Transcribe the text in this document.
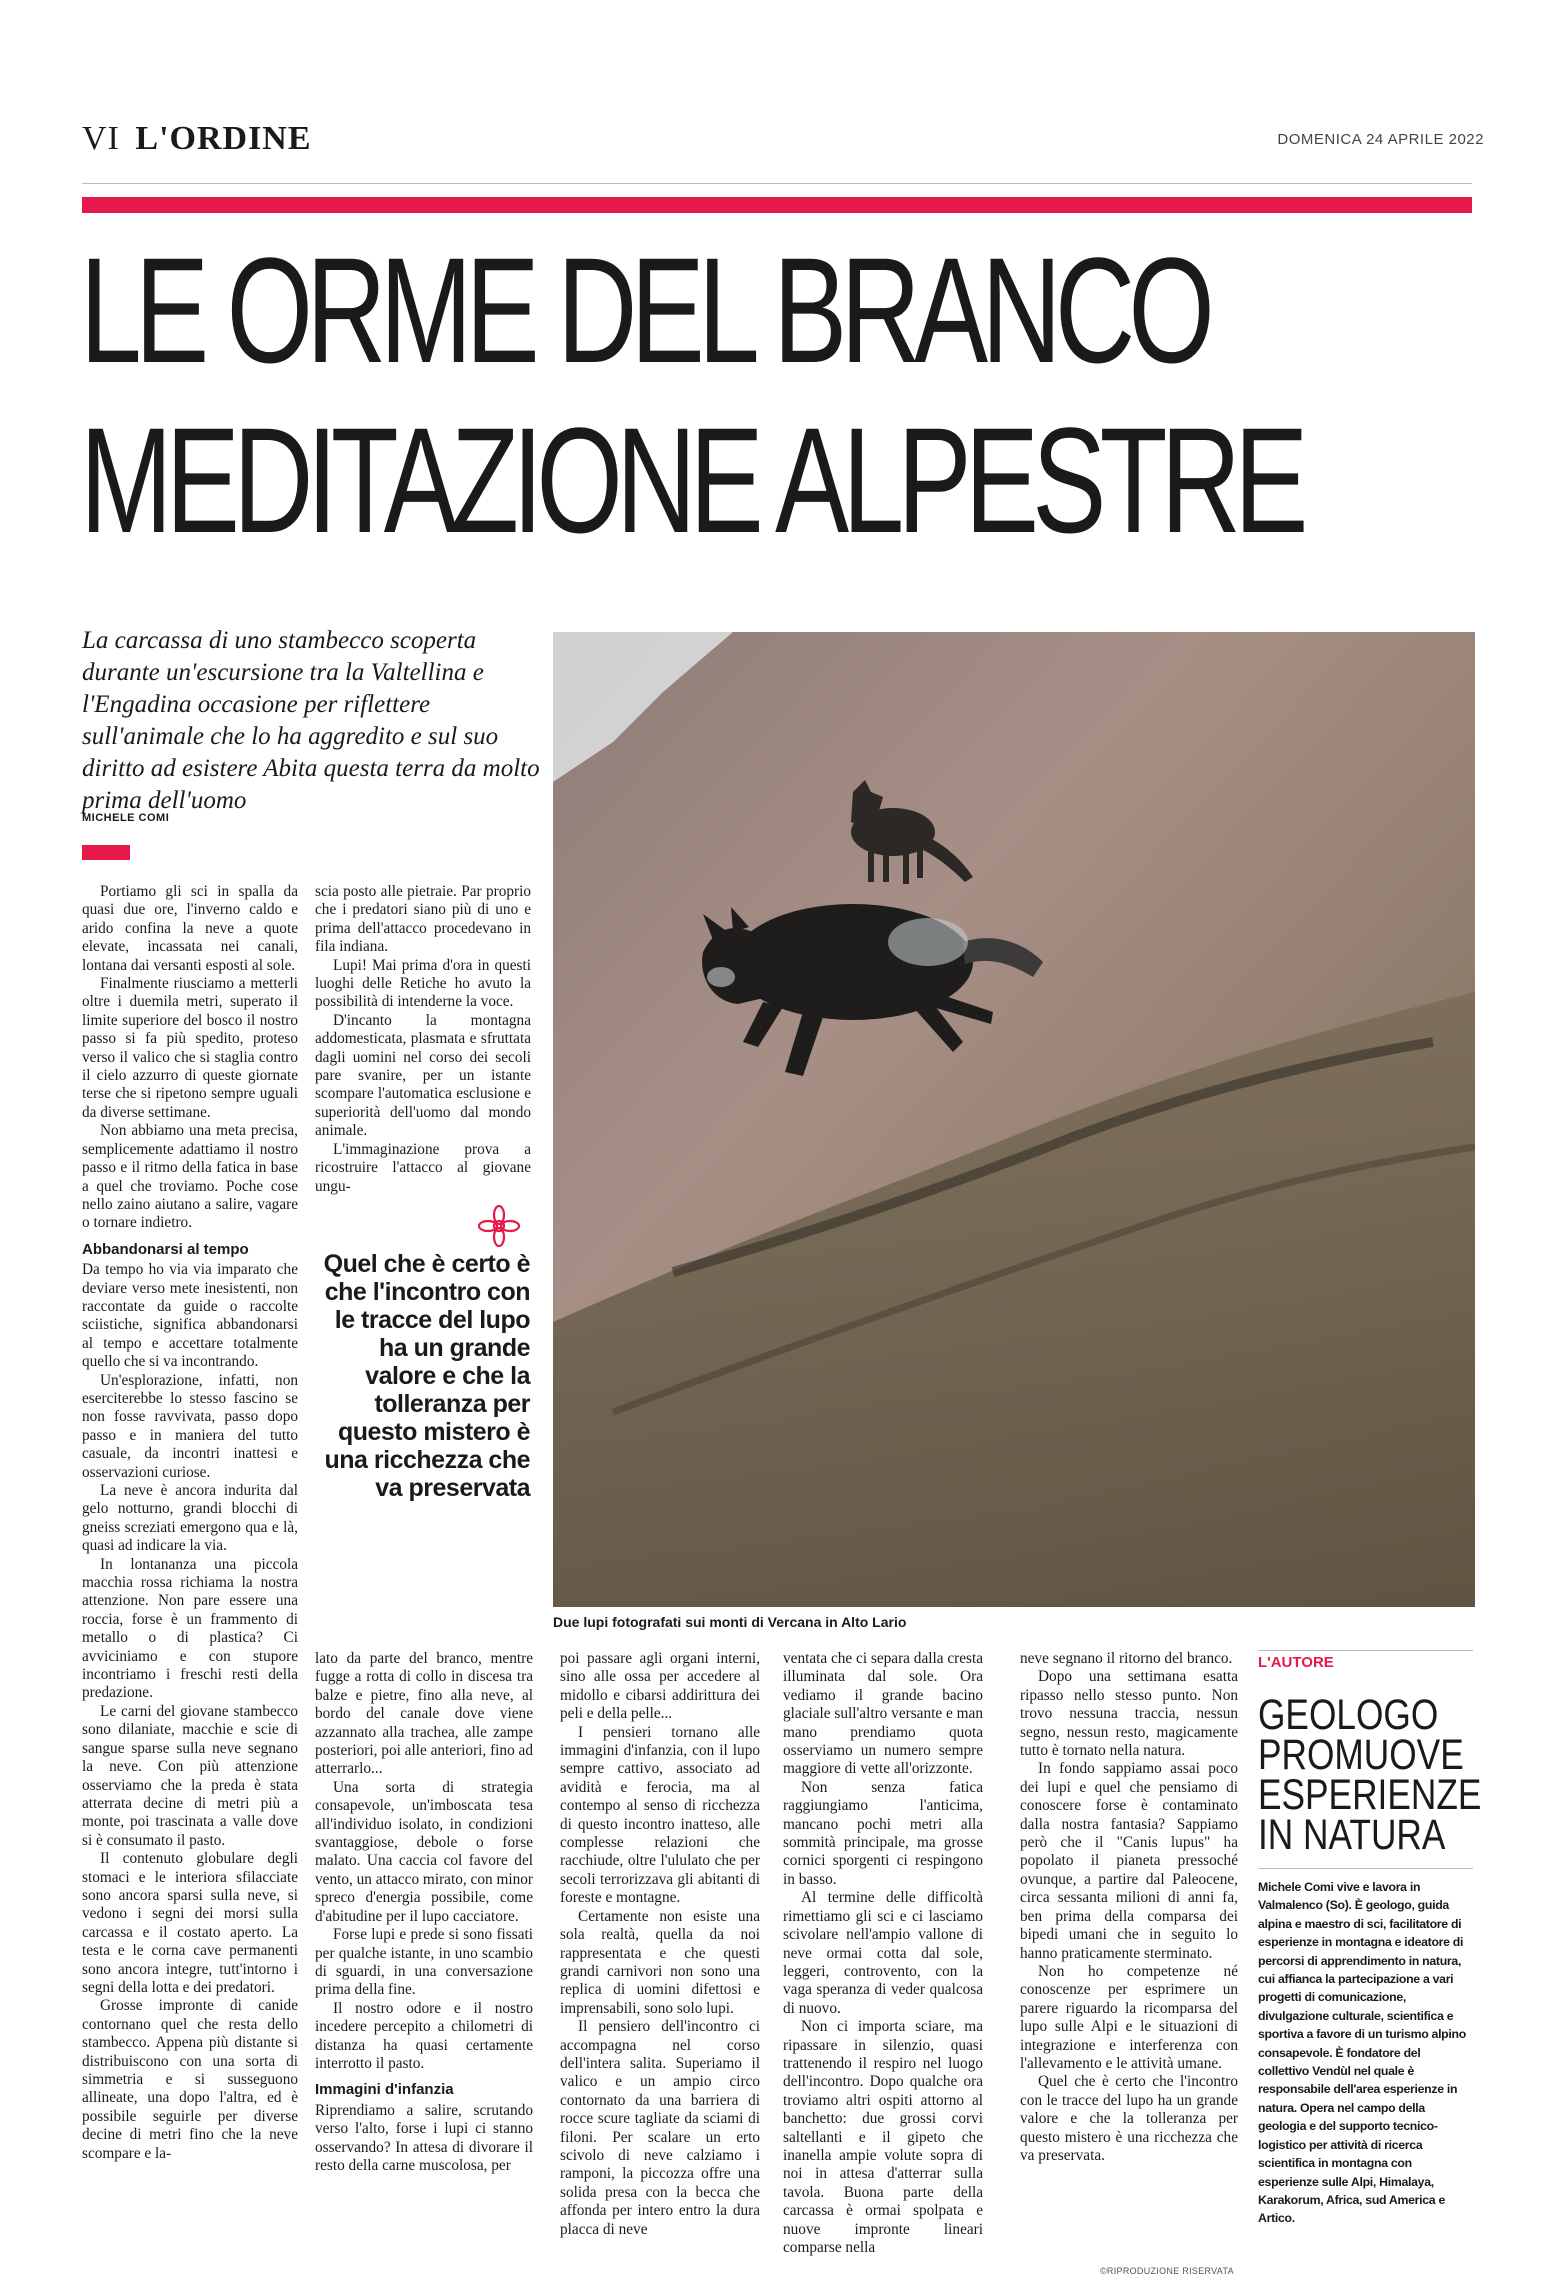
VI L'ORDINE	DOMENICA 24 APRILE 2022
LE ORME DEL BRANCO
MEDITAZIONE ALPESTRE
La carcassa di uno stambecco scoperta durante un'escursione tra la Valtellina e l'Engadina occasione per riflettere sull'animale che lo ha aggredito e sul suo diritto ad esistere Abita questa terra da molto prima dell'uomo
MICHELE COMI
Due lupi fotografati sui monti di Vercana in Alto Lario
Quel che è certo è che l'incontro con le tracce del lupo ha un grande valore e che la tolleranza per questo mistero è una ricchezza che va preservata

Portiamo gli sci in spalla da quasi due ore, l'inverno caldo e arido confina la neve a quote elevate, incassata nei canali, lontana dai versanti esposti al sole.

Finalmente riusciamo a metterli oltre i duemila metri, superato il limite superiore del bosco il nostro passo si fa più spedito, proteso verso il valico che si staglia contro il cielo azzurro di queste giornate terse che si ripetono sempre uguali da diverse settimane.

Non abbiamo una meta precisa, semplicemente adattiamo il nostro passo e il ritmo della fatica in base a quel che troviamo. Poche cose nello zaino aiutano a salire, vagare o tornare indietro.

Abbandonarsi al tempo

Da tempo ho via via imparato che deviare verso mete inesistenti, non raccontate da guide o raccolte sciistiche, significa abbandonarsi al tempo e accettare totalmente quello che si va incontrando.

Un'esplorazione, infatti, non eserciterebbe lo stesso fascino se non fosse ravvivata, passo dopo passo e in maniera del tutto casuale, da incontri inattesi e osservazioni curiose.

La neve è ancora indurita dal gelo notturno, grandi blocchi di gneiss screziati emergono qua e là, quasi ad indicare la via.

In lontananza una piccola macchia rossa richiama la nostra attenzione. Non pare essere una roccia, forse è un frammento di metallo o di plastica? Ci avviciniamo e con stupore incontriamo i freschi resti della predazione.

Le carni del giovane stambecco sono dilaniate, macchie e scie di sangue sparse sulla neve segnano la neve. Con più attenzione osserviamo che la preda è stata atterrata decine di metri più a monte, poi trascinata a valle dove si è consumato il pasto.

Il contenuto globulare degli stomaci e le interiora sfilacciate sono ancora sparsi sulla neve, si vedono i segni dei morsi sulla carcassa e il costato aperto. La testa e le corna cave permanenti sono ancora integre, tutt'intorno i segni della lotta e dei predatori.

Grosse impronte di canide contornano quel che resta dello stambecco. Appena più distante si distribuiscono con una sorta di simmetria e si susseguono allineate, una dopo l'altra, ed è possibile seguirle per diverse decine di metri fino che la neve scompare e la-

scia posto alle pietraie. Par proprio che i predatori siano più di uno e prima dell'attacco procedevano in fila indiana.

Lupi! Mai prima d'ora in questi luoghi delle Retiche ho avuto la possibilità di intenderne la voce.

D'incanto la montagna addomesticata, plasmata e sfruttata dagli uomini nel corso dei secoli pare svanire, per un istante scompare l'automatica esclusione e superiorità dell'uomo dal mondo animale.

L'immaginazione prova a ricostruire l'attacco al giovane ungu-

lato da parte del branco, mentre fugge a rotta di collo in discesa tra balze e pietre, fino alla neve, al bordo del canale dove viene azzannato alla trachea, alle zampe posteriori, poi alle anteriori, fino ad atterrarlo...

Una sorta di strategia consapevole, un'imboscata tesa all'individuo isolato, in condizioni svantaggiose, debole o forse malato. Una caccia col favore del vento, un attacco mirato, con minor spreco d'energia possibile, come d'abitudine per il lupo cacciatore.

Forse lupi e prede si sono fissati per qualche istante, in uno scambio di sguardi, in una conversazione prima della fine.

Il nostro odore e il nostro incedere percepito a chilometri di distanza ha quasi certamente interrotto il pasto.

Immagini d'infanzia

Riprendiamo a salire, scrutando verso l'alto, forse i lupi ci stanno osservando? In attesa di divorare il resto della carne muscolosa, per

poi passare agli organi interni, sino alle ossa per accedere al midollo e cibarsi addirittura dei peli e della pelle...

I pensieri tornano alle immagini d'infanzia, con il lupo sempre cattivo, associato ad avidità e ferocia, ma al contempo al senso di ricchezza di questo incontro inatteso, alle complesse relazioni che racchiude, oltre l'ululato che per secoli terrorizzava gli abitanti di foreste e montagne.

Certamente non esiste una sola realtà, quella da noi rappresentata e che questi grandi carnivori non sono una replica di uomini difettosi e imprensabili, sono solo lupi.

Il pensiero dell'incontro ci accompagna nel corso dell'intera salita. Superiamo il valico e un ampio circo contornato da una barriera di rocce scure tagliate da sciami di filoni. Per scalare un erto scivolo di neve calziamo i ramponi, la piccozza offre una solida presa con la becca che affonda per intero entro la dura placca di neve

ventata che ci separa dalla cresta illuminata dal sole. Ora vediamo il grande bacino glaciale sull'altro versante e man mano prendiamo quota osserviamo un numero sempre maggiore di vette all'orizzonte.

Non senza fatica raggiungiamo l'anticima, mancano pochi metri alla sommità principale, ma grosse cornici sporgenti ci respingono in basso.

Al termine delle difficoltà rimettiamo gli sci e ci lasciamo scivolare nell'ampio vallone di neve ormai cotta dal sole, leggeri, controvento, con la vaga speranza di veder qualcosa di nuovo.

Non ci importa sciare, ma ripassare in silenzio, quasi trattenendo il respiro nel luogo dell'incontro. Dopo qualche ora troviamo altri ospiti attorno al banchetto: due grossi corvi saltellanti e il gipeto che inanella ampie volute sopra di noi in attesa d'atterrar sulla tavola. Buona parte della carcassa è ormai spolpata e nuove impronte lineari comparse nella

neve segnano il ritorno del branco.

Dopo una settimana esatta ripasso nello stesso punto. Non trovo nessuna traccia, nessun segno, nessun resto, magicamente tutto è tornato nella natura.

In fondo sappiamo assai poco dei lupi e quel che pensiamo di conoscere forse è contaminato dalla nostra fantasia? Sappiamo però che il "Canis lupus" ha popolato il pianeta pressoché ovunque, a partire dal Paleocene, circa sessanta milioni di anni fa, ben prima della comparsa dei bipedi umani che in seguito lo hanno praticamente sterminato.

Non ho competenze né conoscenze per esprimere un parere riguardo la ricomparsa del lupo sulle Alpi e le situazioni di integrazione e interferenza con l'allevamento e le attività umane.

Quel che è certo che l'incontro con le tracce del lupo ha un grande valore e che la tolleranza per questo mistero è una ricchezza che va preservata.

©RIPRODUZIONE RISERVATA
L'AUTORE
GEOLOGO
PROMUOVE
ESPERIENZE
IN NATURA
Michele Comi vive e lavora in Valmalenco (So). È geologo, guida alpina e maestro di sci, facilitatore di esperienze in montagna e ideatore di percorsi di apprendimento in natura, cui affianca la partecipazione a vari progetti di comunicazione, divulgazione culturale, scientifica e sportiva a favore di un turismo alpino consapevole. È fondatore del collettivo Vendùl nel quale è responsabile dell'area esperienze in natura. Opera nel campo della geologia e del supporto tecnico-logistico per attività di ricerca scientifica in montagna con esperienze sulle Alpi, Himalaya, Karakorum, Africa, sud America e Artico.
